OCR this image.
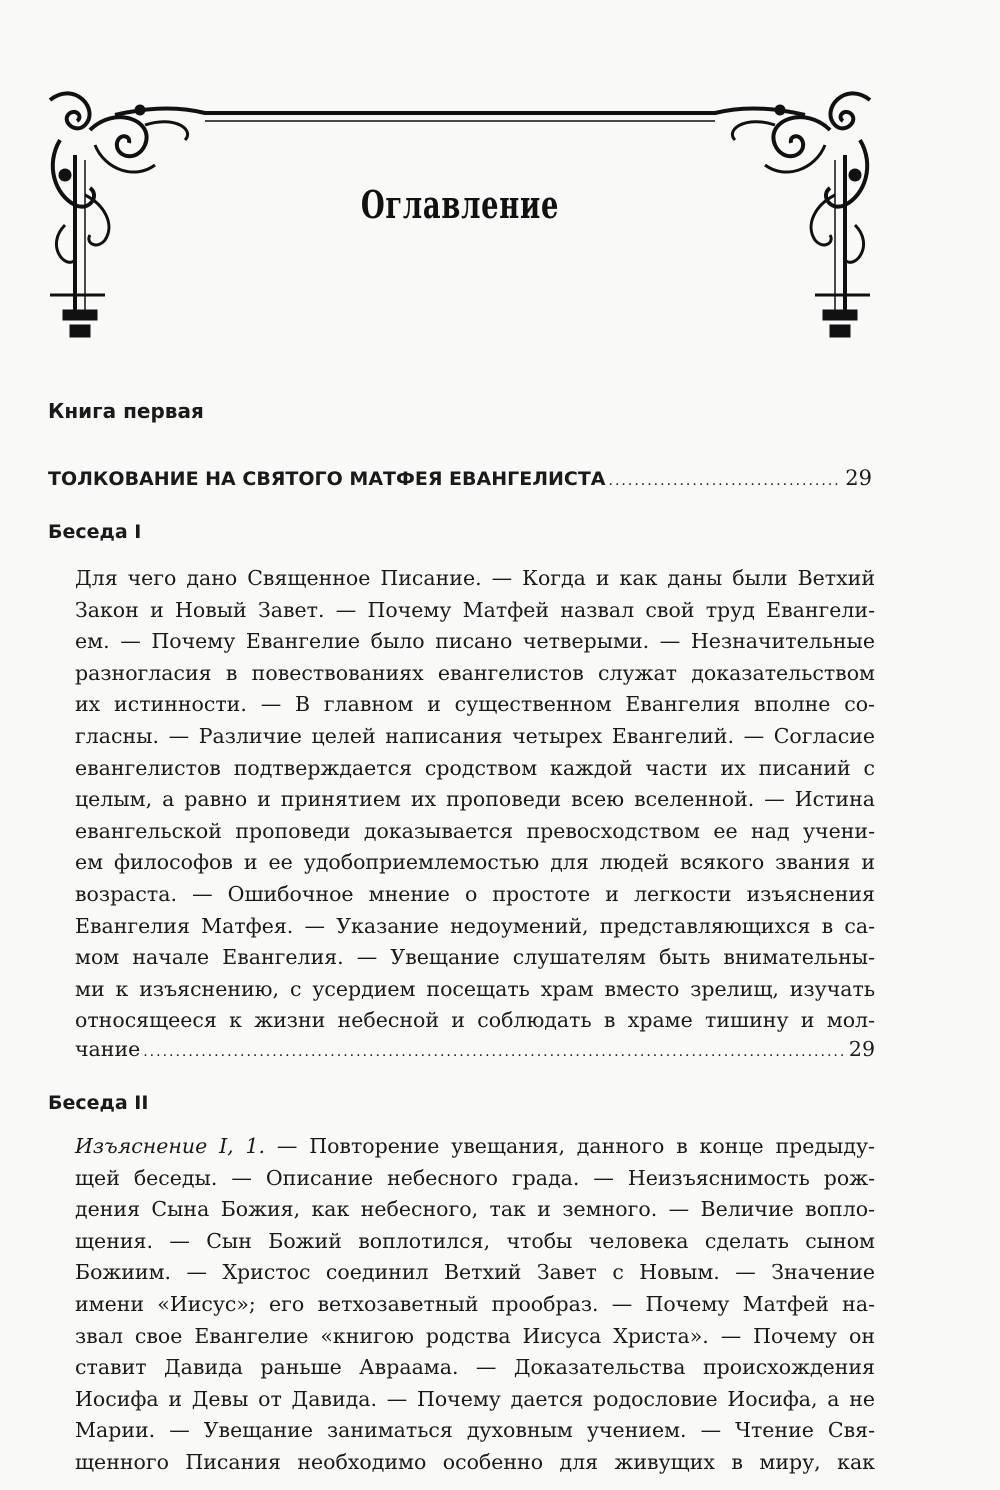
Оглавление
Книга первая
ТОЛКОВАНИЕ НА СВЯТОГО МАТФЕЯ ЕВАНГЕЛИСТА .....	29
Беседа I
Для чего дано Священное Писание. — Когда и как даны были Ветхий
Закон и Новый Завет. — Почему Матфей назвал свой труд Евангели-
ем. — Почему Евангелие было писано четверыми. — Незначительные
разногласия в повествованиях евангелистов служат доказательством
их истинности. — В главном и существенном Евангелия вполне со-
гласны. — Различие целей написания четырех Евангелий. — Согласие
евангелистов подтверждается сродством каждой части их писаний с
целым, а равно и принятием их проповеди всею вселенной. — Истина
евангельской проповеди доказывается превосходством ее над учени-
ем философов и ее удобоприемлемостью для людей всякого звания и
возраста. — Ошибочное мнение о простоте и легкости изъяснения
Евангелия Матфея. — Указание недоумений, представляющихся в са-
мом начале Евангелия. — Увещание слушателям быть внимательны-
ми к изъяснению, с усердием посещать храм вместо зрелищ, изучать
относящееся к жизни небесной и соблюдать в храме тишину и мол-
чание .....	29
Беседа II
Изъяснение I, 1. — Повторение увещания, данного в конце предыду-
щей беседы. — Описание небесного града. — Неизъяснимость рож-
дения Сына Божия, как небесного, так и земного. — Величие вопло-
щения. — Сын Божий воплотился, чтобы человека сделать сыном
Божиим. — Христос соединил Ветхий Завет с Новым. — Значение
имени «Иисус»; его ветхозаветный прообраз. — Почему Матфей на-
звал свое Евангелие «книгою родства Иисуса Христа». — Почему он
ставит Давида раньше Авраама. — Доказательства происхождения
Иосифа и Девы от Давида. — Почему дается родословие Иосифа, а не
Марии. — Увещание заниматься духовным учением. — Чтение Свя-
щенного Писания необходимо особенно для живущих в миру, как
